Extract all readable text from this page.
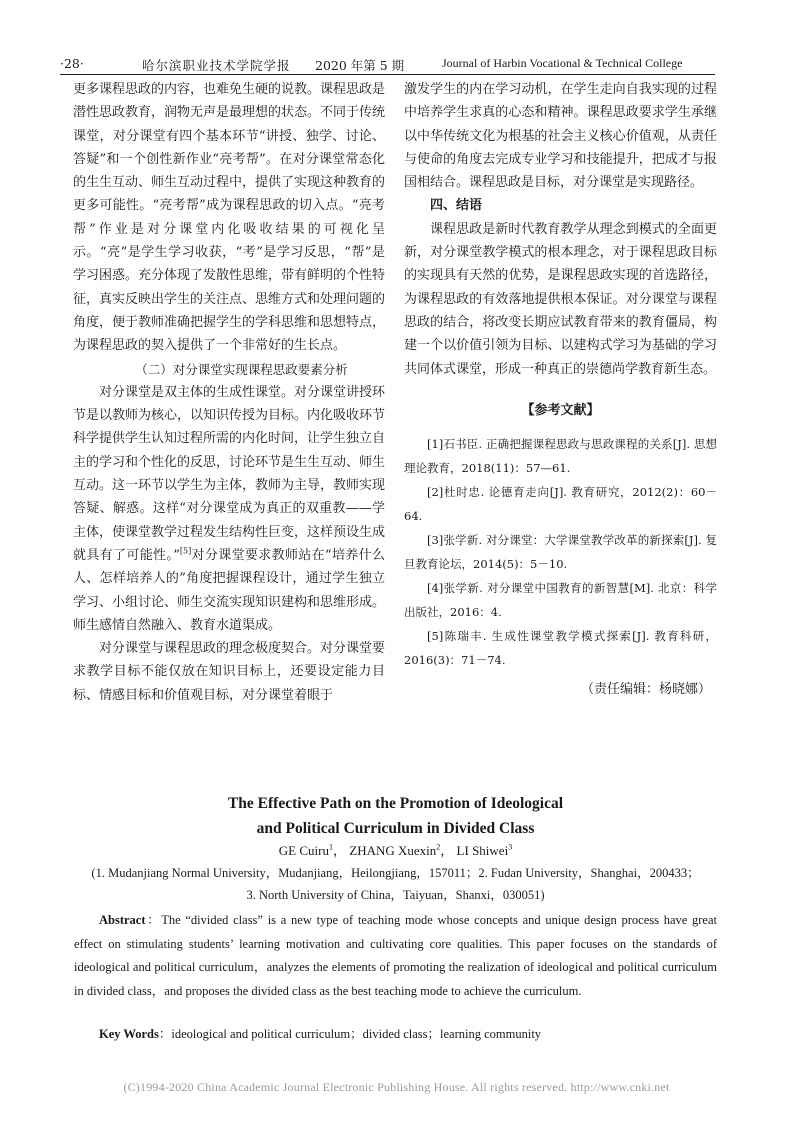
·28·	哈尔滨职业技术学院学报 2020 年第 5 期	Journal of Harbin Vocational & Technical College

更多课程思政的内容，也难免生硬的说教。课程思政是潜性思政教育，润物无声是最理想的状态。不同于传统课堂，对分课堂有四个基本环节“讲授、独学、讨论、答疑”和一个创性新作业“亮考帮”。在对分课堂常态化的生生互动、师生互动过程中，提供了实现这种教育的更多可能性。“亮考帮”成为课程思政的切入点。“亮考帮”作业是对分课堂内化吸收结果的可视化呈示。“亮”是学生学习收获，“考”是学习反思，“帮”是学习困惑。充分体现了发散性思维，带有鲜明的个性特征，真实反映出学生的关注点、思维方式和处理问题的角度，便于教师准确把握学生的学科思维和思想特点，为课程思政的契入提供了一个非常好的生长点。

（二）对分课堂实现课程思政要素分析

对分课堂是双主体的生成性课堂。对分课堂讲授环节是以教师为核心，以知识传授为目标。内化吸收环节科学提供学生认知过程所需的内化时间，让学生独立自主的学习和个性化的反思，讨论环节是生生互动、师生互动。这一环节以学生为主体，教师为主导，教师实现答疑、解惑。这样“对分课堂成为真正的双重教——学主体，使课堂教学过程发生结构性巨变，这样预设生成就具有了可能性。”[5]对分课堂要求教师站在“培养什么人、怎样培养人的”角度把握课程设计，通过学生独立学习、小组讨论、师生交流实现知识建构和思维形成。师生感情自然融入、教育水道渠成。

对分课堂与课程思政的理念极度契合。对分课堂要求教学目标不能仅放在知识目标上，还要设定能力目标、情感目标和价值观目标，对分课堂着眼于

激发学生的内在学习动机，在学生走向自我实现的过程中培养学生求真的心态和精神。课程思政要求学生承继以中华传统文化为根基的社会主义核心价值观，从责任与使命的角度去完成专业学习和技能提升，把成才与报国相结合。课程思政是目标，对分课堂是实现路径。

四、结语

课程思政是新时代教育教学从理念到模式的全面更新，对分课堂教学模式的根本理念，对于课程思政目标的实现具有天然的优势，是课程思政实现的首选路径，为课程思政的有效落地提供根本保证。对分课堂与课程思政的结合，将改变长期应试教育带来的教育僵局，构建一个以价值引领为目标、以建构式学习为基础的学习共同体式课堂，形成一种真正的崇德尚学教育新生态。

【参考文献】

[1]石书臣. 正确把握课程思政与思政课程的关系[J]. 思想理论教育，2018(11)：57—61.

[2]杜时忠. 论德育走向[J]. 教育研究，2012(2)：60－64.

[3]张学新. 对分课堂：大学课堂教学改革的新探索[J]. 复旦教育论坛，2014(5)：5－10.

[4]张学新. 对分课堂中国教育的新智慧[M]. 北京：科学出版社，2016：4.

[5]陈瑞丰. 生成性课堂教学模式探索[J]. 教育科研，2016(3)：71－74.

（责任编辑：杨晓娜）

The Effective Path on the Promotion of Ideological
and Political Curriculum in Divided Class
GE Cuiru$^1$， ZHANG Xuexin$^2$， LI Shiwei$^3$
(1. Mudanjiang Normal University，Mudanjiang，Heilongjiang，157011；2. Fudan University，Shanghai，200433；
3. North University of China，Taiyuan，Shanxi，030051)
Abstract：The “divided class” is a new type of teaching mode whose concepts and unique design process have great effect on stimulating students’ learning motivation and cultivating core qualities. This paper focuses on the standards of ideological and political curriculum，analyzes the elements of promoting the realization of ideological and political curriculum in divided class，and proposes the divided class as the best teaching mode to achieve the curriculum.
Key Words：ideological and political curriculum；divided class；learning community
(C)1994-2020 China Academic Journal Electronic Publishing House. All rights reserved. http://www.cnki.net
